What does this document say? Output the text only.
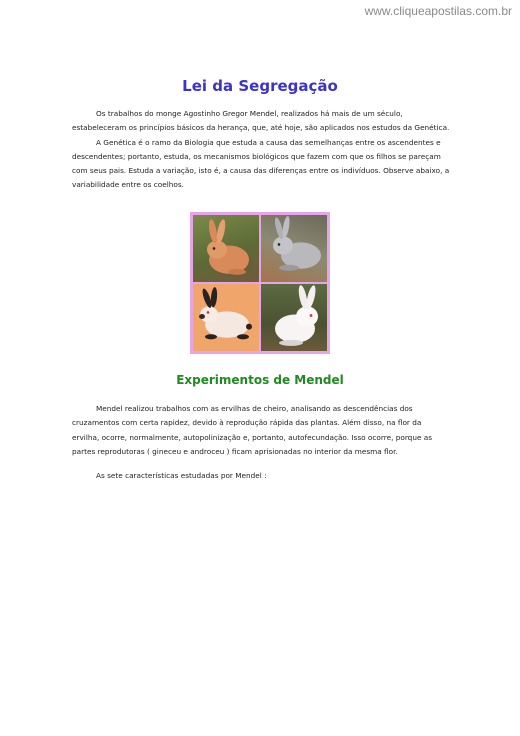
www.cliqueapostilas.com.br
Lei da Segregação

Os trabalhos do monge Agostinho Gregor Mendel, realizados há mais de um século, estabeleceram os princípios básicos da herança, que, até hoje, são aplicados nos estudos da Genética.

A Genética é o ramo da Biologia que estuda a causa das semelhanças entre os ascendentes e descendentes; portanto, estuda, os mecanismos biológicos que fazem com que os filhos se pareçam com seus pais. Estuda a variação, isto é, a causa das diferenças entre os indivíduos. Observe abaixo, a variabilidade entre os coelhos.

Experimentos de Mendel

Mendel realizou trabalhos com as ervilhas de cheiro, analisando as descendências dos cruzamentos com certa rapidez, devido à reprodução rápida das plantas. Além disso, na flor da ervilha, ocorre, normalmente, autopolinização e, portanto, autofecundação. Isso ocorre, porque as partes reprodutoras ( gineceu e androceu ) ficam aprisionadas no interior da mesma flor.

As sete características estudadas por Mendel :
